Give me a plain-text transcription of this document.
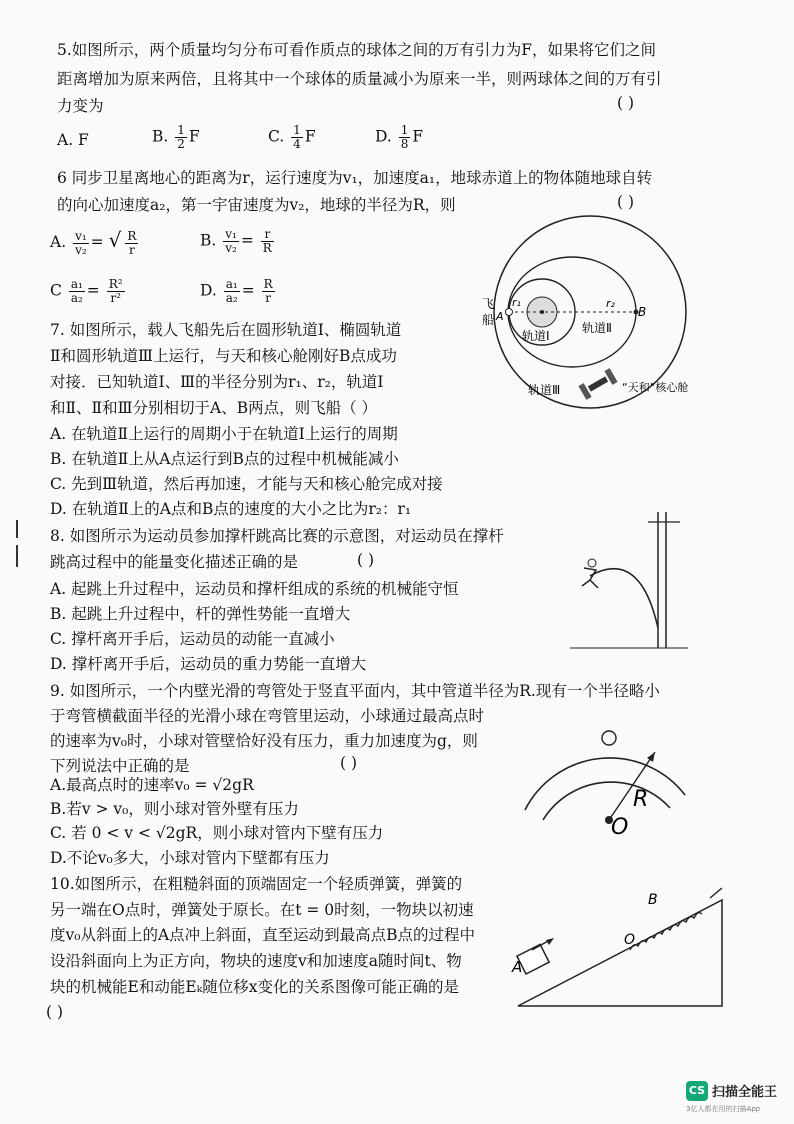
5.如图所示，两个质量均匀分布可看作质点的球体之间的万有引力为F，如果将它们之间
距离增加为原来两倍，且将其中一个球体的质量减小为原来一半，则两球体之间的万有引
力变为	( )
A. F	B. $\frac{1}{2}$ F	C. $\frac{1}{4}$ F	D. $\frac{1}{8}$ F
6 同步卫星离地心的距离为r，运行速度为v₁，加速度a₁，地球赤道上的物体随地球自转
的向心加速度a₂，第一宇宙速度为v₂，地球的半径为R，则	( )
A. $\frac{\text{v₁}}{\text{v₂}}$ = √ $\frac{R}{r}$	B. $\frac{\text{v₁}}{\text{v₂}} = \frac{r}{R}$
C $\frac{\text{a₁}}{\text{a₂}} = \frac{\text{R²}}{\text{r²}}$	D. $\frac{\text{a₁}}{\text{a₂}} = \frac{R}{r}$	飞
船 A	B
r₁	r₂
轨道Ⅰ
轨道Ⅱ
轨道Ⅲ	“天和”核心舱
7. 如图所示，载人飞船先后在圆形轨道Ⅰ、椭圆轨道
Ⅱ和圆形轨道Ⅲ上运行，与天和核心舱刚好B点成功
对接．已知轨道Ⅰ、Ⅲ的半径分别为r₁、r₂，轨道Ⅰ
和Ⅱ、Ⅱ和Ⅲ分别相切于A、B两点，则飞船（ ）
A. 在轨道Ⅱ上运行的周期小于在轨道Ⅰ上运行的周期
B. 在轨道Ⅱ上从A点运行到B点的过程中机械能减小
C. 先到Ⅲ轨道，然后再加速，才能与天和核心舱完成对接
D. 在轨道Ⅱ上的A点和B点的速度的大小之比为r₂：r₁
8. 如图所示为运动员参加撑杆跳高比赛的示意图，对运动员在撑杆
跳高过程中的能量变化描述正确的是	( )
A. 起跳上升过程中，运动员和撑杆组成的系统的机械能守恒
B. 起跳上升过程中，杆的弹性势能一直增大
C. 撑杆离开手后，运动员的动能一直减小
D. 撑杆离开手后，运动员的重力势能一直增大
9. 如图所示，一个内壁光滑的弯管处于竖直平面内，其中管道半径为R.现有一个半径略小
于弯管横截面半径的光滑小球在弯管里运动，小球通过最高点时
的速率为v₀时，小球对管壁恰好没有压力，重力加速度为g，则
下列说法中正确的是	( )
A.最高点时的速率v₀ = √2gR
B.若v > v₀，则小球对管外壁有压力
C. 若 0 < v < √2gR，则小球对管内下壁有压力
D.不论v₀多大，小球对管内下壁都有压力
R
O
10.如图所示，在粗糙斜面的顶端固定一个轻质弹簧，弹簧的
另一端在O点时，弹簧处于原长。在t = 0时刻，一物块以初速
度v₀从斜面上的A点冲上斜面，直至运动到最高点B点的过程中
设沿斜面向上为正方向，物块的速度v和加速度a随时间t、物
块的机械能E和动能Eₖ随位移x变化的关系图像可能正确的是
( )
A
O
B
CS 扫描全能王
3亿人都在用的扫描App
